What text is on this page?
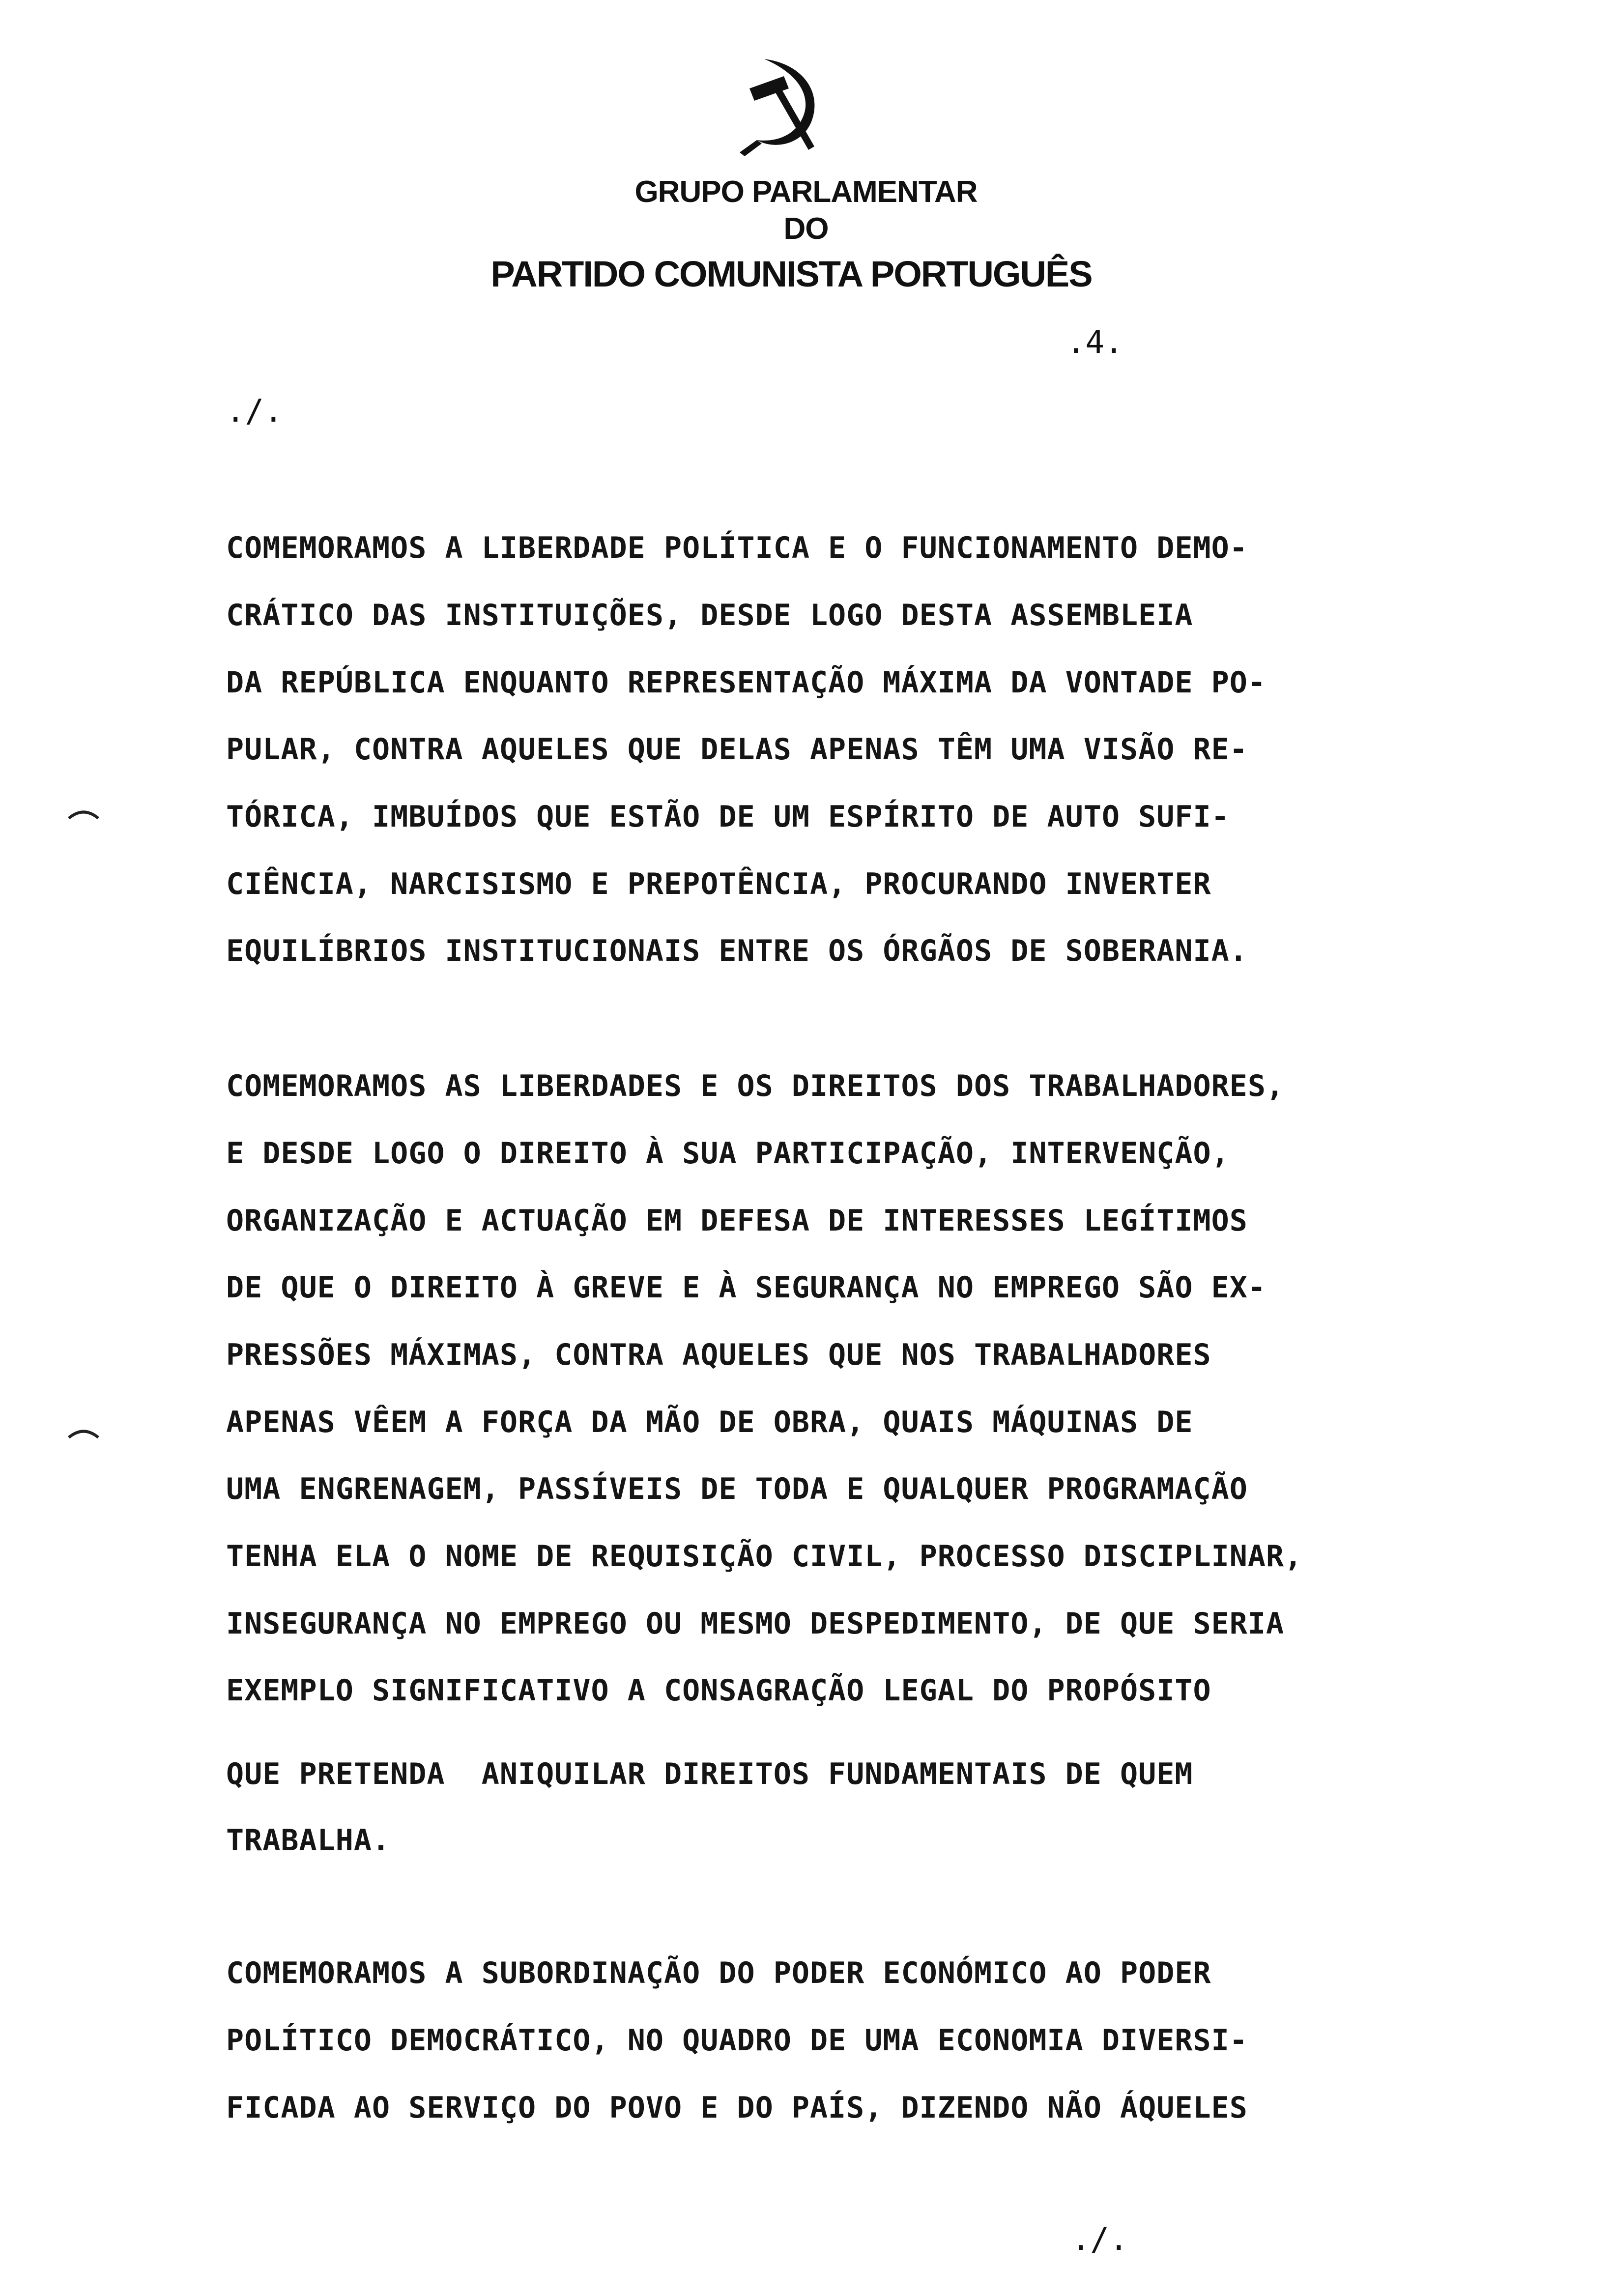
GRUPO PARLAMENTAR
DO
PARTIDO COMUNISTA PORTUGUÊS
.4.
./.
COMEMORAMOS A LIBERDADE POLÍTICA E O FUNCIONAMENTO DEMO-
CRÁTICO DAS INSTITUIÇÕES, DESDE LOGO DESTA ASSEMBLEIA
DA REPÚBLICA ENQUANTO REPRESENTAÇÃO MÁXIMA DA VONTADE PO-
PULAR, CONTRA AQUELES QUE DELAS APENAS TÊM UMA VISÃO RE-
TÓRICA, IMBUÍDOS QUE ESTÃO DE UM ESPÍRITO DE AUTO SUFI-
CIÊNCIA, NARCISISMO E PREPOTÊNCIA, PROCURANDO INVERTER
EQUILÍBRIOS INSTITUCIONAIS ENTRE OS ÓRGÃOS DE SOBERANIA.
COMEMORAMOS AS LIBERDADES E OS DIREITOS DOS TRABALHADORES,
E DESDE LOGO O DIREITO À SUA PARTICIPAÇÃO, INTERVENÇÃO,
ORGANIZAÇÃO E ACTUAÇÃO EM DEFESA DE INTERESSES LEGÍTIMOS
DE QUE O DIREITO À GREVE E À SEGURANÇA NO EMPREGO SÃO EX-
PRESSÕES MÁXIMAS, CONTRA AQUELES QUE NOS TRABALHADORES
APENAS VÊEM A FORÇA DA MÃO DE OBRA, QUAIS MÁQUINAS DE
UMA ENGRENAGEM, PASSÍVEIS DE TODA E QUALQUER PROGRAMAÇÃO
TENHA ELA O NOME DE REQUISIÇÃO CIVIL, PROCESSO DISCIPLINAR,
INSEGURANÇA NO EMPREGO OU MESMO DESPEDIMENTO, DE QUE SERIA
EXEMPLO SIGNIFICATIVO A CONSAGRAÇÃO LEGAL DO PROPÓSITO
QUE PRETENDA  ANIQUILAR DIREITOS FUNDAMENTAIS DE QUEM
TRABALHA.
COMEMORAMOS A SUBORDINAÇÃO DO PODER ECONÓMICO AO PODER
POLÍTICO DEMOCRÁTICO, NO QUADRO DE UMA ECONOMIA DIVERSI-
FICADA AO SERVIÇO DO POVO E DO PAÍS, DIZENDO NÃO ÁQUELES
./.
